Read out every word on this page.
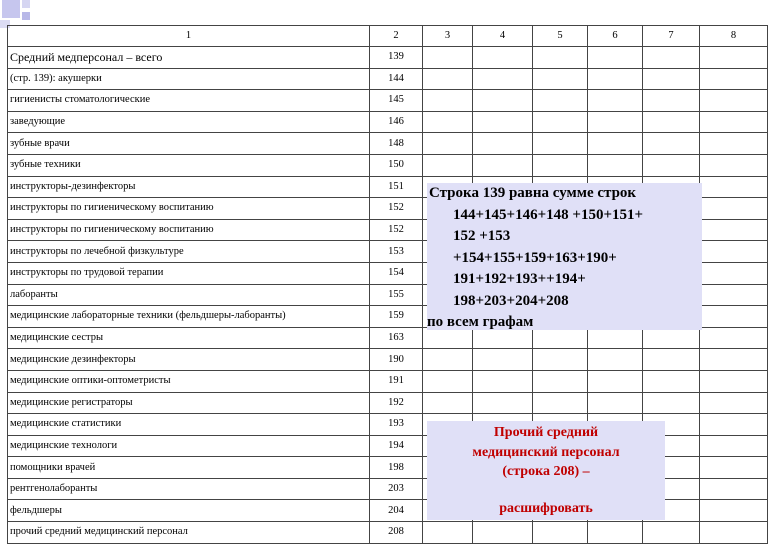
1	2	3	4	5	6	7	8
Средний медперсонал – всего	139						
(стр. 139): акушерки	144						
гигиенисты стоматологические	145						
заведующие	146						
зубные врачи	148						
зубные техники	150						
инструкторы-дезинфекторы	151						
инструкторы по гигиеническому воспитанию	152						
инструкторы по гигиеническому воспитанию	152						
инструкторы по лечебной физкультуре	153						
инструкторы по трудовой терапии	154						
лаборанты	155						
медицинские лабораторные техники (фельдшеры-лаборанты)	159						
медицинские сестры	163						
медицинские дезинфекторы	190						
медицинские оптики-оптометристы	191						
медицинские регистраторы	192						
медицинские статистики	193						
медицинские технологи	194						
помощники врачей	198						
рентгенолаборанты	203						
фельдшеры	204						
прочий средний медицинский персонал	208						
Строка 139 равна сумме строк
144+145+146+148 +150+151+
152 +153
+154+155+159+163+190+
191+192+193++194+
198+203+204+208
по всем графам
Прочий средний
медицинский персонал
(строка 208) –
расшифровать
